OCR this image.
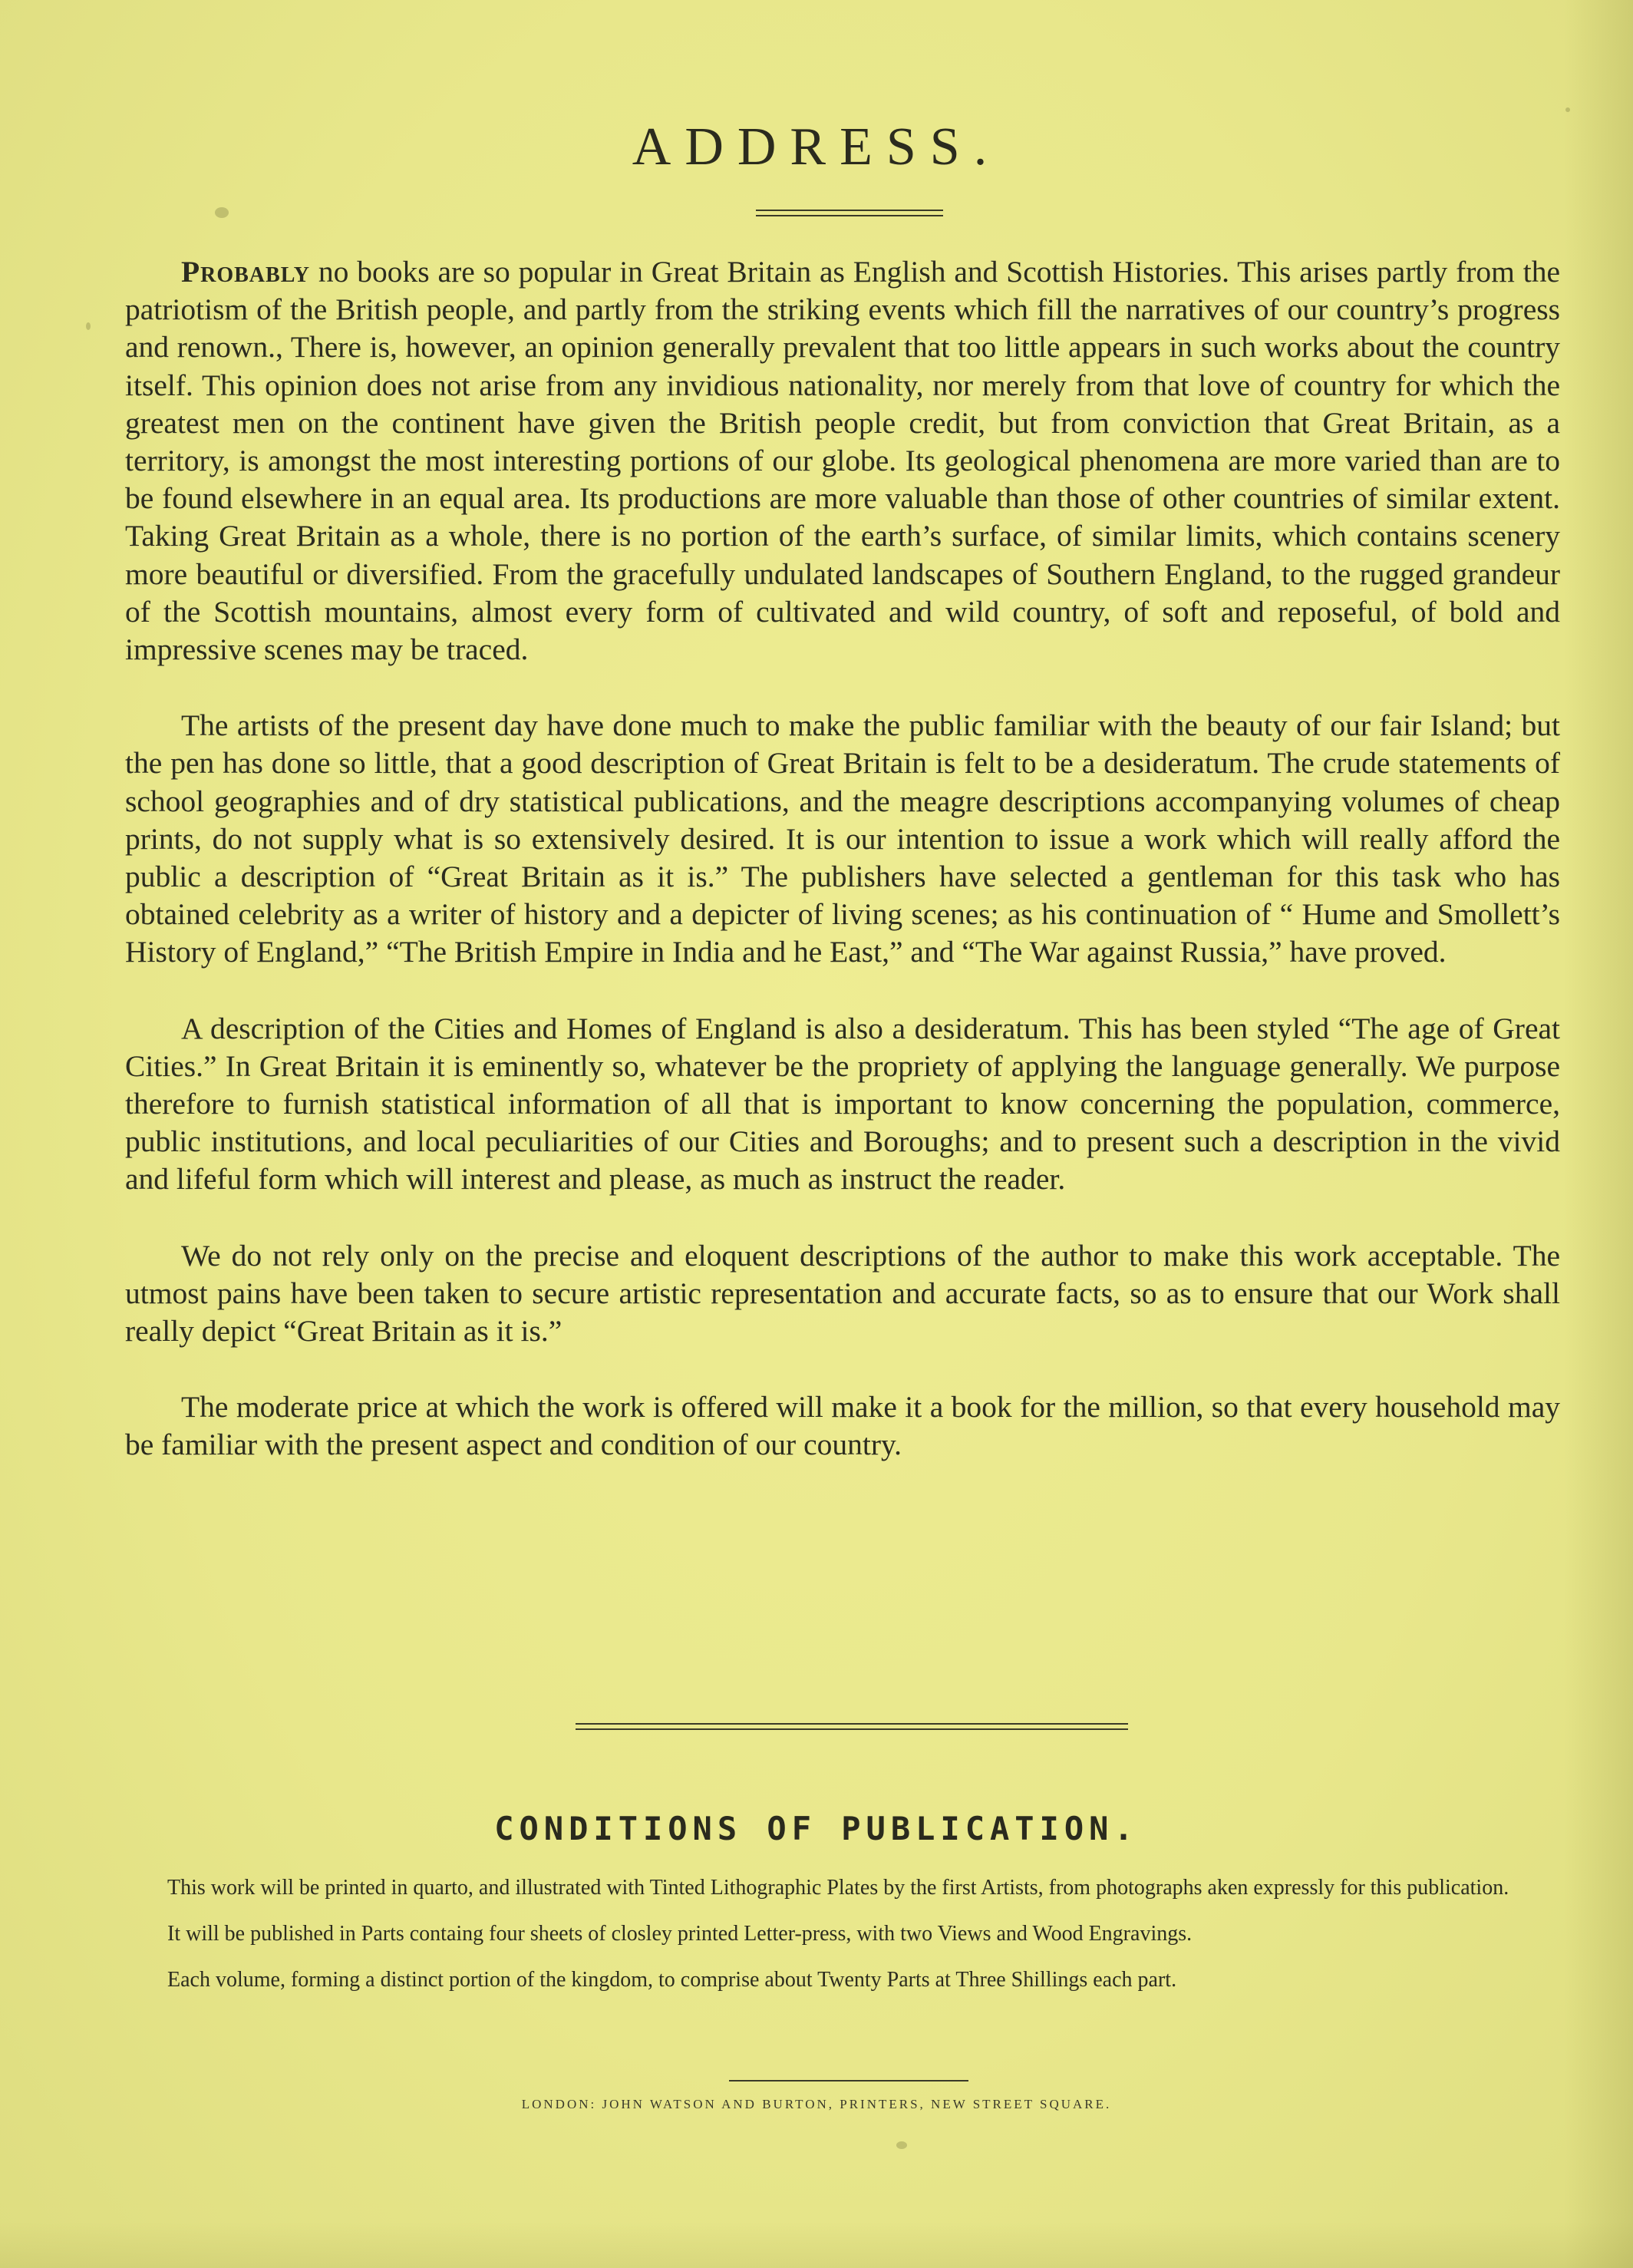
ADDRESS.

Probably no books are so popular in Great Britain as English and Scottish Histories. This arises partly from the patriotism of the British people, and partly from the striking events which fill the narratives of our country’s progress and renown., There is, however, an opinion generally prevalent that too little appears in such works about the country itself. This opinion does not arise from any invidious nationality, nor merely from that love of country for which the greatest men on the continent have given the British people credit, but from conviction that Great Britain, as a territory, is amongst the most interesting portions of our globe. Its geological phenomena are more varied than are to be found elsewhere in an equal area. Its productions are more valuable than those of other countries of similar extent. Taking Great Britain as a whole, there is no portion of the earth’s surface, of similar limits, which contains scenery more beautiful or diversified. From the gracefully undulated landscapes of Southern England, to the rugged grandeur of the Scottish mountains, almost every form of cultivated and wild country, of soft and reposeful, of bold and impressive scenes may be traced.

The artists of the present day have done much to make the public familiar with the beauty of our fair Island; but the pen has done so little, that a good description of Great Britain is felt to be a desideratum. The crude statements of school geographies and of dry statistical publications, and the meagre descriptions accompanying volumes of cheap prints, do not supply what is so extensively desired. It is our intention to issue a work which will really afford the public a description of “Great Britain as it is.” The publishers have selected a gentleman for this task who has obtained celebrity as a writer of history and a depicter of living scenes; as his continuation of “ Hume and Smollett’s History of England,” “The British Empire in India and he East,” and “The War against Russia,” have proved.

A description of the Cities and Homes of England is also a desideratum. This has been styled “The age of Great Cities.” In Great Britain it is eminently so, whatever be the propriety of applying the language generally. We purpose therefore to furnish statistical information of all that is important to know concerning the population, commerce, public institutions, and local peculiarities of our Cities and Boroughs; and to present such a description in the vivid and lifeful form which will interest and please, as much as instruct the reader.

We do not rely only on the precise and eloquent descriptions of the author to make this work acceptable. The utmost pains have been taken to secure artistic representation and accurate facts, so as to ensure that our Work shall really depict “Great Britain as it is.”

The moderate price at which the work is offered will make it a book for the million, so that every household may be familiar with the present aspect and condition of our country.

CONDITIONS OF PUBLICATION.

This work will be printed in quarto, and illustrated with Tinted Lithographic Plates by the first Artists, from photographs aken expressly for this publication.

It will be published in Parts containg four sheets of closley printed Letter-press, with two Views and Wood Engravings.

Each volume, forming a distinct portion of the kingdom, to comprise about Twenty Parts at Three Shillings each part.

LONDON: JOHN WATSON AND BURTON, PRINTERS, NEW STREET SQUARE.
